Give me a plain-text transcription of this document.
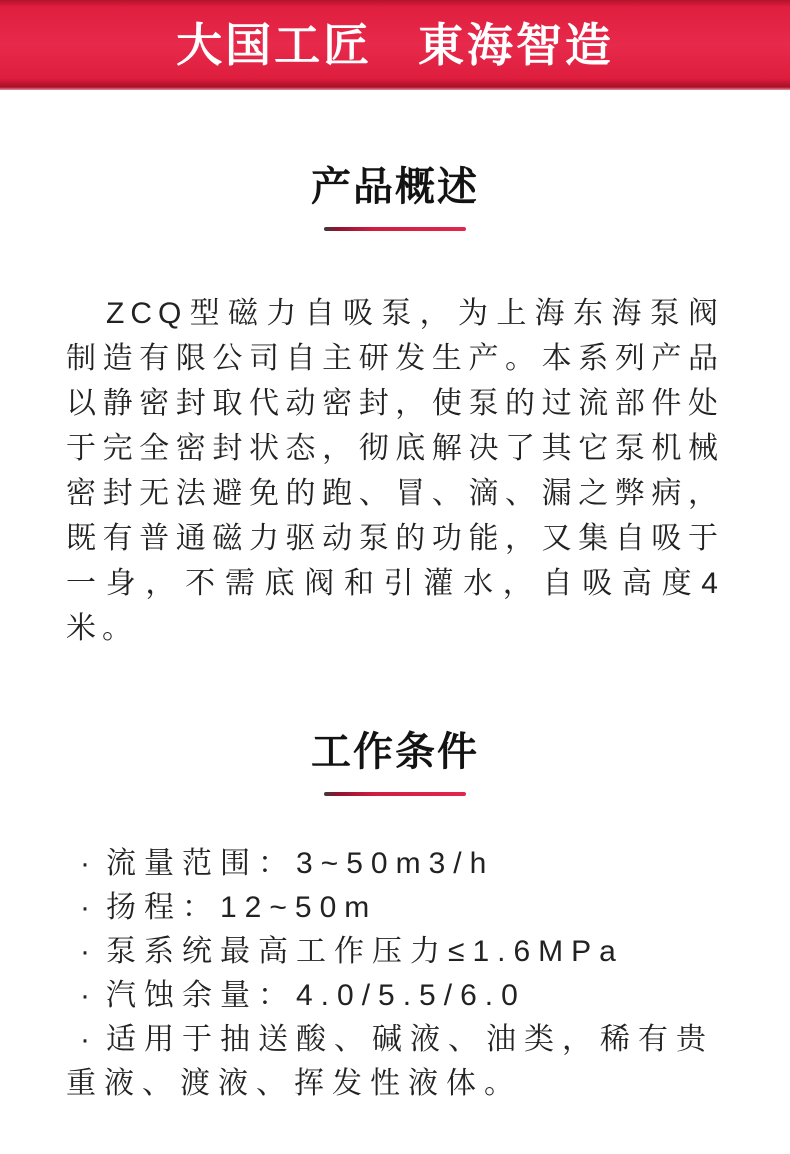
大国工匠 東海智造
产品概述

ZCQ型磁力自吸泵，为上海东海泵阀制造有限公司自主研发生产。本系列产品以静密封取代动密封，使泵的过流部件处于完全密封状态，彻底解决了其它泵机械密封无法避免的跑、冒、滴、漏之弊病，既有普通磁力驱动泵的功能，又集自吸于一身，不需底阀和引灌水，自吸高度4米。

工作条件
· 流量范围：3~50m3/h
· 扬程：12~50m
· 泵系统最高工作压力≤1.6MPa
· 汽蚀余量：4.0/5.5/6.0
· 适用于抽送酸、碱液、油类，稀有贵重液、渡液、挥发性液体。
